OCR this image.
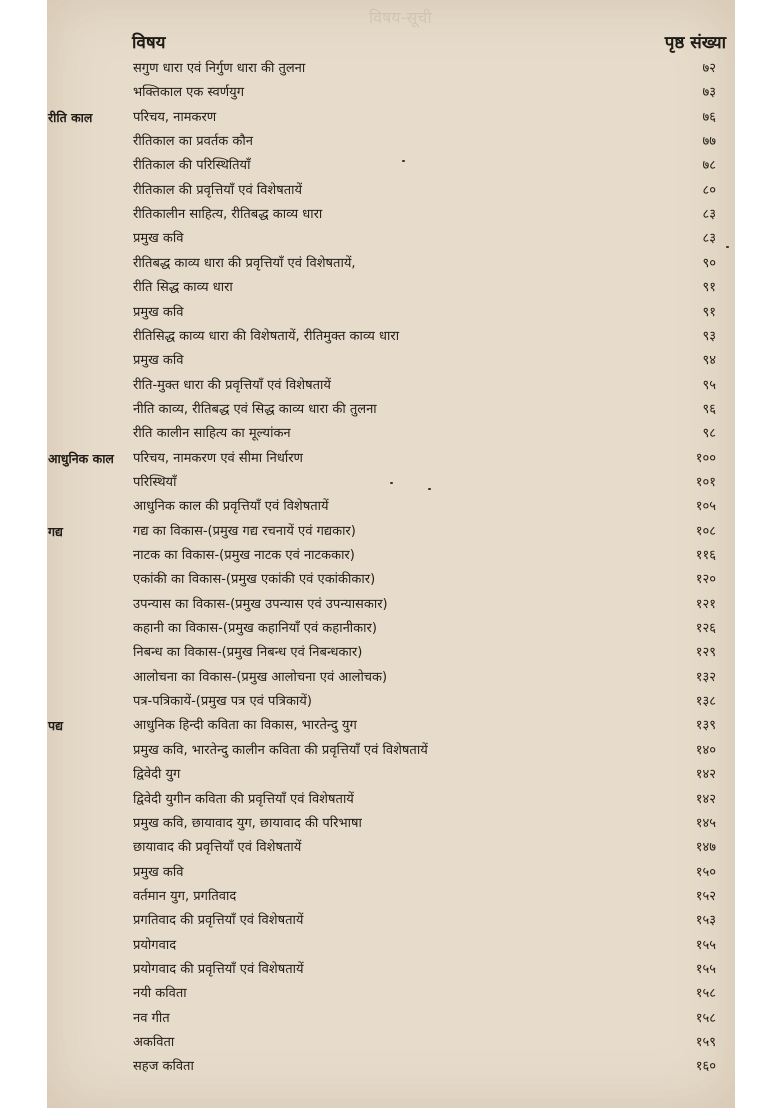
विषय-सूची
विषय	पृष्ठ संख्या
सगुण धारा एवं निर्गुण धारा की तुलना	७२
भक्तिकाल एक स्वर्णयुग	७३
रीति काल	परिचय, नामकरण	७६
रीतिकाल का प्रवर्तक कौन	७७
रीतिकाल की परिस्थितियाँ	७८
रीतिकाल की प्रवृत्तियाँ एवं विशेषतायें	८०
रीतिकालीन साहित्य, रीतिबद्ध काव्य धारा	८३
प्रमुख कवि	८३
रीतिबद्ध काव्य धारा की प्रवृत्तियाँ एवं विशेषतायें,	९०
रीति सिद्ध काव्य धारा	९१
प्रमुख कवि	९१
रीतिसिद्ध काव्य धारा की विशेषतायें, रीतिमुक्त काव्य धारा	९३
प्रमुख कवि	९४
रीति-मुक्त धारा की प्रवृत्तियाँ एवं विशेषतायें	९५
नीति काव्य, रीतिबद्ध एवं सिद्ध काव्य धारा की तुलना	९६
रीति कालीन साहित्य का मूल्यांकन	९८
आधुनिक काल परिचय, नामकरण एवं सीमा निर्धारण	१००
परिस्थियाँ	१०१
आधुनिक काल की प्रवृत्तियाँ एवं विशेषतायें	१०५
गद्य	गद्य का विकास-(प्रमुख गद्य रचनायें एवं गद्यकार)	१०८
नाटक का विकास-(प्रमुख नाटक एवं नाटककार)	११६
एकांकी का विकास-(प्रमुख एकांकी एवं एकांकीकार)	१२०
उपन्यास का विकास-(प्रमुख उपन्यास एवं उपन्यासकार)	१२१
कहानी का विकास-(प्रमुख कहानियाँ एवं कहानीकार)	१२६
निबन्ध का विकास-(प्रमुख निबन्ध एवं निबन्धकार)	१२९
आलोचना का विकास-(प्रमुख आलोचना एवं आलोचक)	१३२
पत्र-पत्रिकायें-(प्रमुख पत्र एवं पत्रिकायें)	१३८
पद्य	आधुनिक हिन्दी कविता का विकास, भारतेन्दु युग	१३९
प्रमुख कवि, भारतेन्दु कालीन कविता की प्रवृत्तियाँ एवं विशेषतायें	१४०
द्विवेदी युग	१४२
द्विवेदी युगीन कविता की प्रवृत्तियाँ एवं विशेषतायें	१४२
प्रमुख कवि, छायावाद युग, छायावाद की परिभाषा	१४५
छायावाद की प्रवृत्तियाँ एवं विशेषतायें	१४७
प्रमुख कवि	१५०
वर्तमान युग, प्रगतिवाद	१५२
प्रगतिवाद की प्रवृत्तियाँ एवं विशेषतायें	१५३
प्रयोगवाद	१५५
प्रयोगवाद की प्रवृत्तियाँ एवं विशेषतायें	१५५
नयी कविता	१५८
नव गीत	१५८
अकविता	१५९
सहज कविता	१६०
